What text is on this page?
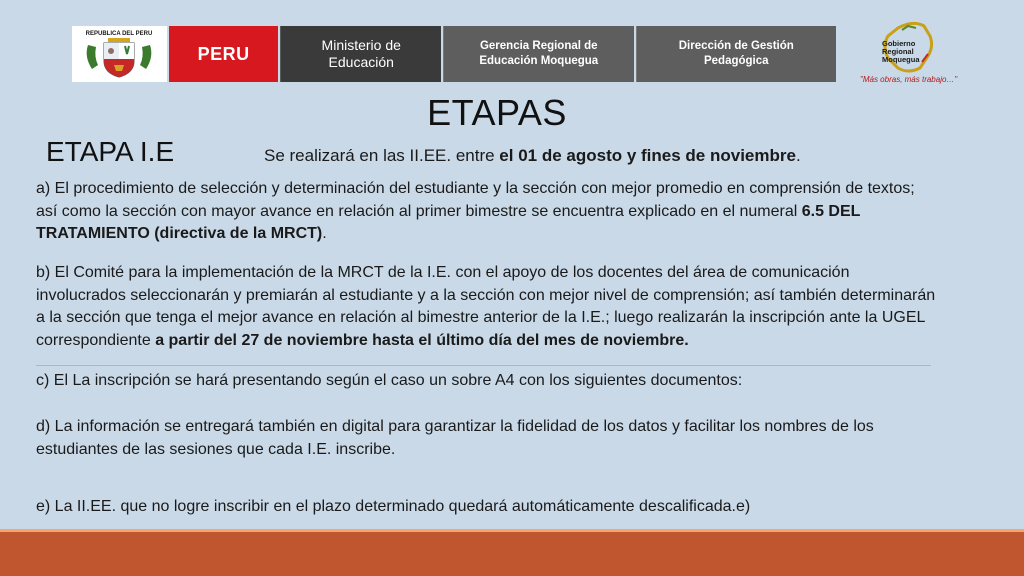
REPUBLICA DEL PERU
PERU	Ministerio de
Educación
Gerencia Regional de
Educación Moquegua
Dirección de Gestión
Pedagógica
Gobierno
Regional
Moquegua
"Más obras, más trabajo…"
ETAPAS
ETAPA I.E	Se realizará en las II.EE. entre el 01 de agosto y fines de noviembre.
a) El procedimiento de selección y determinación del estudiante y la sección con mejor promedio en comprensión de textos; así como la sección con mayor avance en relación al primer bimestre se encuentra explicado en el numeral 6.5 DEL TRATAMIENTO (directiva de la MRCT).
b) El Comité para la implementación de la MRCT de la I.E. con el apoyo de los docentes del área de comunicación involucrados seleccionarán y premiarán al estudiante y a la sección con mejor nivel de comprensión; así también determinarán a la sección que tenga el mejor avance en relación al bimestre anterior de la I.E.; luego realizarán la inscripción ante la UGEL correspondiente a partir del 27 de noviembre hasta el último día del mes de noviembre.
c) El La inscripción se hará presentando según el caso un sobre A4 con los siguientes documentos:
d) La información se entregará también en digital para garantizar la fidelidad de los datos y facilitar los nombres de los estudiantes de las sesiones que cada I.E. inscribe.
e) La II.EE. que no logre inscribir en el plazo determinado quedará automáticamente descalificada.e)
